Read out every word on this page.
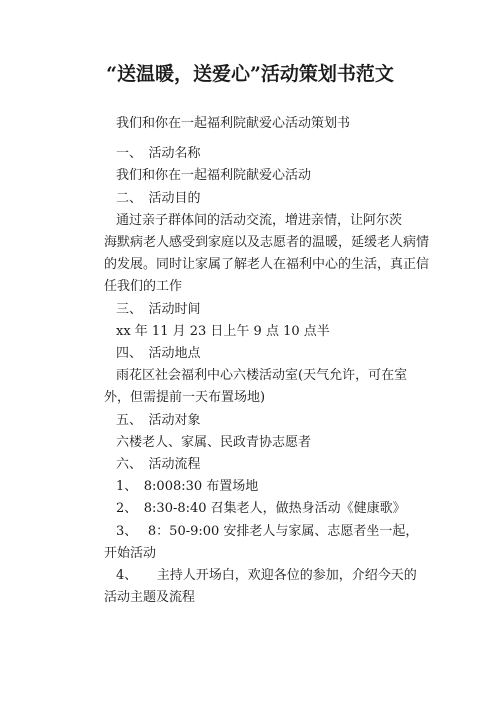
“送温暖，送爱心”活动策划书范文

我们和你在一起福利院献爱心活动策划书

一、　活动名称

我们和你在一起福利院献爱心活动

二、　活动目的

通过亲子群体间的活动交流，增进亲情，让阿尔茨

海默病老人感受到家庭以及志愿者的温暖，延缓老人病情

的发展。同时让家属了解老人在福利中心的生活，真正信

任我们的工作

三、　活动时间

xx 年 11 月 23 日上午 9 点 10 点半

四、　活动地点

雨花区社会福利中心六楼活动室(天气允许，可在室

外，但需提前一天布置场地)

五、　活动对象

六楼老人、家属、民政青协志愿者

六、　活动流程

1、　8:008:30 布置场地

2、　8:30-8:40 召集老人，做热身活动《健康歌》

3、　 8：50-9:00 安排老人与家属、志愿者坐一起，

开始活动

4、　　主持人开场白，欢迎各位的参加，介绍今天的

活动主题及流程
